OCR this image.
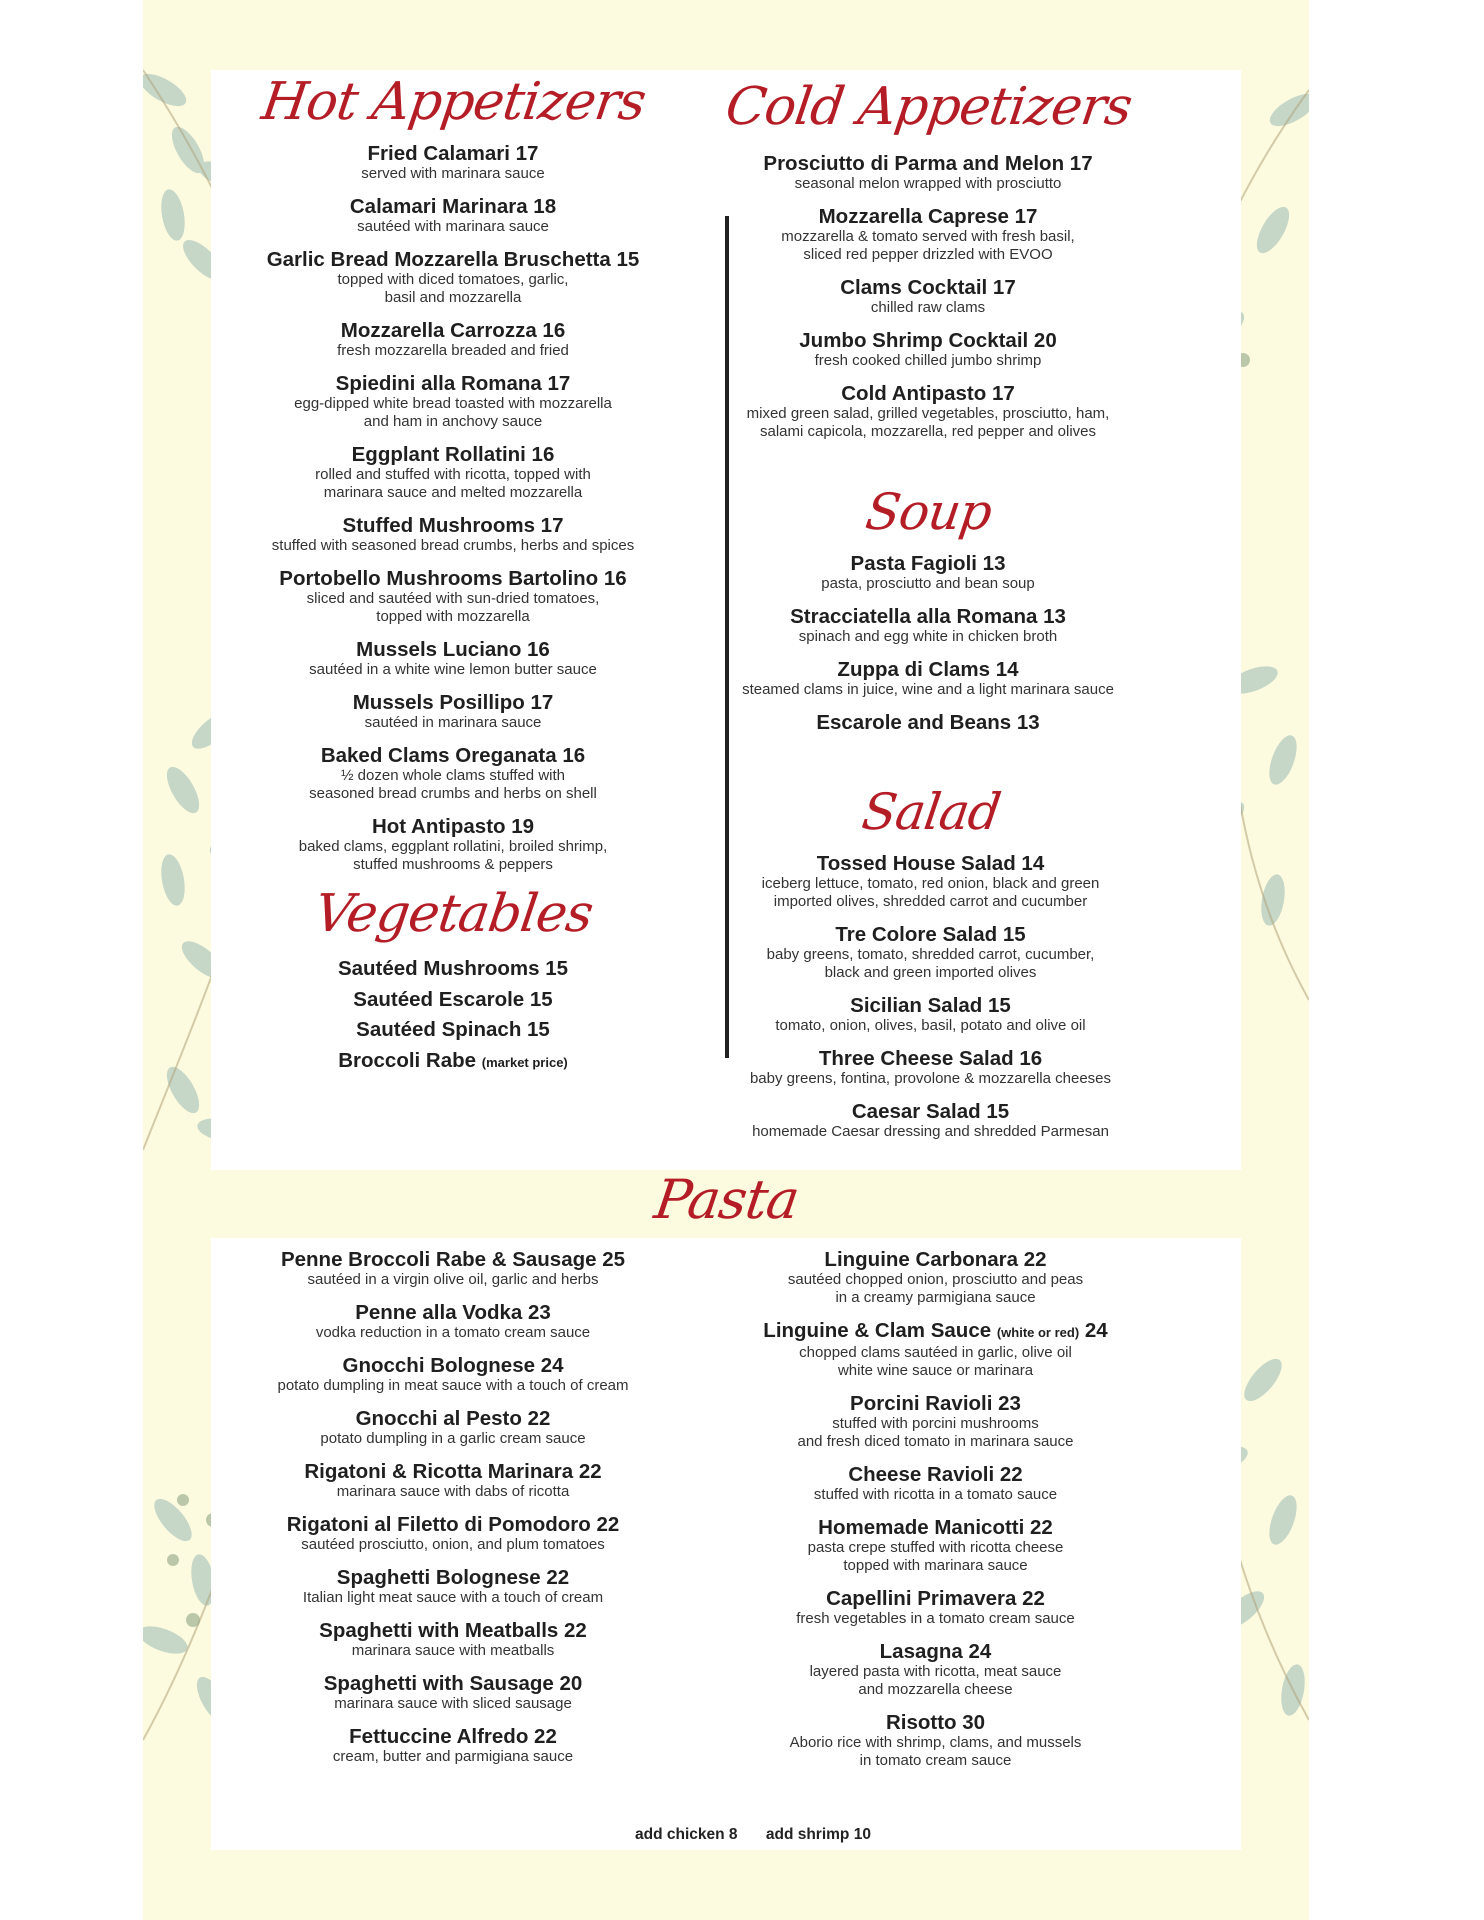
Hot Appetizers
Fried Calamari 17
served with marinara sauce
Calamari Marinara 18
sautéed with marinara sauce
Garlic Bread Mozzarella Bruschetta 15
topped with diced tomatoes, garlic,
basil and mozzarella
Mozzarella Carrozza 16
fresh mozzarella breaded and fried
Spiedini alla Romana 17
egg-dipped white bread toasted with mozzarella
and ham in anchovy sauce
Eggplant Rollatini 16
rolled and stuffed with ricotta, topped with
marinara sauce and melted mozzarella
Stuffed Mushrooms 17
stuffed with seasoned bread crumbs, herbs and spices
Portobello Mushrooms Bartolino 16
sliced and sautéed with sun-dried tomatoes,
topped with mozzarella
Mussels Luciano 16
sautéed in a white wine lemon butter sauce
Mussels Posillipo 17
sautéed in marinara sauce
Baked Clams Oreganata 16
½ dozen whole clams stuffed with
seasoned bread crumbs and herbs on shell
Hot Antipasto 19
baked clams, eggplant rollatini, broiled shrimp,
stuffed mushrooms & peppers
Vegetables
Sautéed Mushrooms 15
Sautéed Escarole 15
Sautéed Spinach 15
Broccoli Rabe (market price)
Cold Appetizers
Prosciutto di Parma and Melon 17
seasonal melon wrapped with prosciutto
Mozzarella Caprese 17
mozzarella & tomato served with fresh basil,
sliced red pepper drizzled with EVOO
Clams Cocktail 17
chilled raw clams
Jumbo Shrimp Cocktail 20
fresh cooked chilled jumbo shrimp
Cold Antipasto 17
mixed green salad, grilled vegetables, prosciutto, ham,
salami capicola, mozzarella, red pepper and olives
Soup
Pasta Fagioli 13
pasta, prosciutto and bean soup
Stracciatella alla Romana 13
spinach and egg white in chicken broth
Zuppa di Clams 14
steamed clams in juice, wine and a light marinara sauce
Escarole and Beans 13
Salad
Tossed House Salad 14
iceberg lettuce, tomato, red onion, black and green
imported olives, shredded carrot and cucumber
Tre Colore Salad 15
baby greens, tomato, shredded carrot, cucumber,
black and green imported olives
Sicilian Salad 15
tomato, onion, olives, basil, potato and olive oil
Three Cheese Salad 16
baby greens, fontina, provolone & mozzarella cheeses
Caesar Salad 15
homemade Caesar dressing and shredded Parmesan
Pasta
Penne Broccoli Rabe & Sausage 25
sautéed in a virgin olive oil, garlic and herbs
Penne alla Vodka 23
vodka reduction in a tomato cream sauce
Gnocchi Bolognese 24
potato dumpling in meat sauce with a touch of cream
Gnocchi al Pesto 22
potato dumpling in a garlic cream sauce
Rigatoni & Ricotta Marinara 22
marinara sauce with dabs of ricotta
Rigatoni al Filetto di Pomodoro 22
sautéed prosciutto, onion, and plum tomatoes
Spaghetti Bolognese 22
Italian light meat sauce with a touch of cream
Spaghetti with Meatballs 22
marinara sauce with meatballs
Spaghetti with Sausage 20
marinara sauce with sliced sausage
Fettuccine Alfredo 22
cream, butter and parmigiana sauce
Linguine Carbonara 22
sautéed chopped onion, prosciutto and peas
in a creamy parmigiana sauce
Linguine & Clam Sauce (white or red) 24
chopped clams sautéed in garlic, olive oil
white wine sauce or marinara
Porcini Ravioli 23
stuffed with porcini mushrooms
and fresh diced tomato in marinara sauce
Cheese Ravioli 22
stuffed with ricotta in a tomato sauce
Homemade Manicotti 22
pasta crepe stuffed with ricotta cheese
topped with marinara sauce
Capellini Primavera 22
fresh vegetables in a tomato cream sauce
Lasagna 24
layered pasta with ricotta, meat sauce
and mozzarella cheese
Risotto 30
Aborio rice with shrimp, clams, and mussels
in tomato cream sauce
add chicken 8 add shrimp 10
